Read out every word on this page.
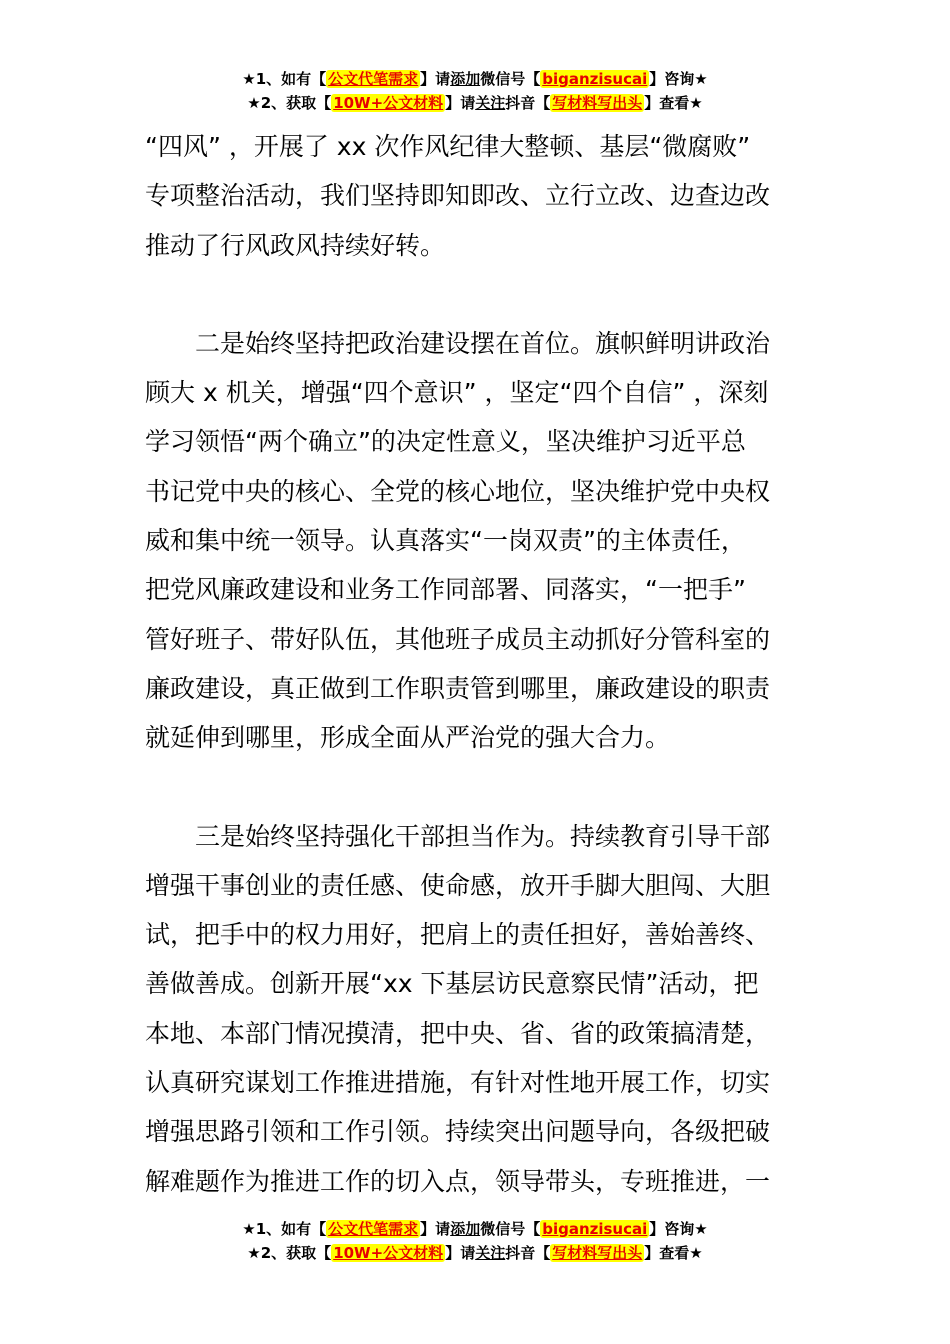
★1、如有【 公文代笔需求 】请添加微信号【 biganzisucai 】咨询★
★2、获取【 10W+公文材料 】请关注抖音【 写材料写出头 】查看★

“四风” ，开展了 xx 次作风纪律大整顿、基层“微腐败”
专项整治活动，我们坚持即知即改、立行立改、边查边改
推动了行风政风持续好转。

二是始终坚持把政治建设摆在首位。旗帜鲜明讲政治
顾大 x 机关，增强“四个意识” ，坚定“四个自信” ，深刻
学习领悟“两个确立”的决定性意义，坚决维护习近平总
书记党中央的核心、全党的核心地位，坚决维护党中央权
威和集中统一领导。认真落实“一岗双责”的主体责任，
把党风廉政建设和业务工作同部署、同落实，“一把手”
管好班子、带好队伍，其他班子成员主动抓好分管科室的
廉政建设，真正做到工作职责管到哪里，廉政建设的职责
就延伸到哪里，形成全面从严治党的强大合力。

三是始终坚持强化干部担当作为。持续教育引导干部
增强干事创业的责任感、使命感，放开手脚大胆闯、大胆
试，把手中的权力用好，把肩上的责任担好，善始善终、
善做善成。创新开展“xx 下基层访民意察民情”活动，把
本地、本部门情况摸清，把中央、省、省的政策搞清楚，
认真研究谋划工作推进措施，有针对性地开展工作，切实
增强思路引领和工作引领。持续突出问题导向，各级把破
解难题作为推进工作的切入点，领导带头，专班推进，一

★1、如有【 公文代笔需求 】请添加微信号【 biganzisucai 】咨询★
★2、获取【 10W+公文材料 】请关注抖音【 写材料写出头 】查看★
